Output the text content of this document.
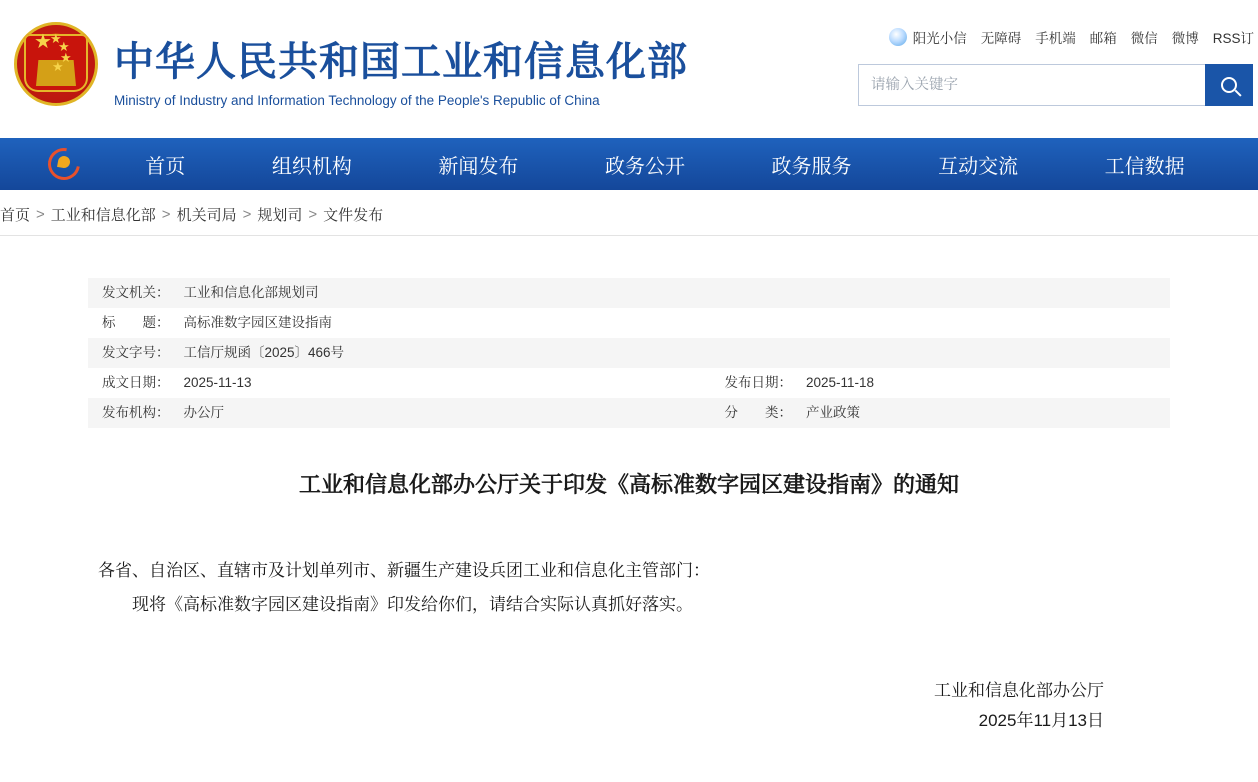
★
★
★
★
★ 中华人民共和国工业和信息化部
Ministry of Industry and Information Technology of the People's Republic of China
阳光小信 无障碍 手机端 邮箱 微信 微博 RSS订
请输入关键字
首页	组织机构	新闻发布	政务公开	政务服务	互动交流	工信数据
首页 > 工业和信息化部 > 机关司局 > 规划司 > 文件发布
发文机关：	工业和信息化部规划司		
标　　题：	高标准数字园区建设指南		
发文字号：	工信厅规函〔2025〕466号		
成文日期：	2025-11-13	发布日期：	2025-11-18
发布机构：	办公厅	分　　类：	产业政策
工业和信息化部办公厅关于印发《高标准数字园区建设指南》的通知

各省、自治区、直辖市及计划单列市、新疆生产建设兵团工业和信息化主管部门：

现将《高标准数字园区建设指南》印发给你们，请结合实际认真抓好落实。

工业和信息化部办公厅
2025年11月13日
